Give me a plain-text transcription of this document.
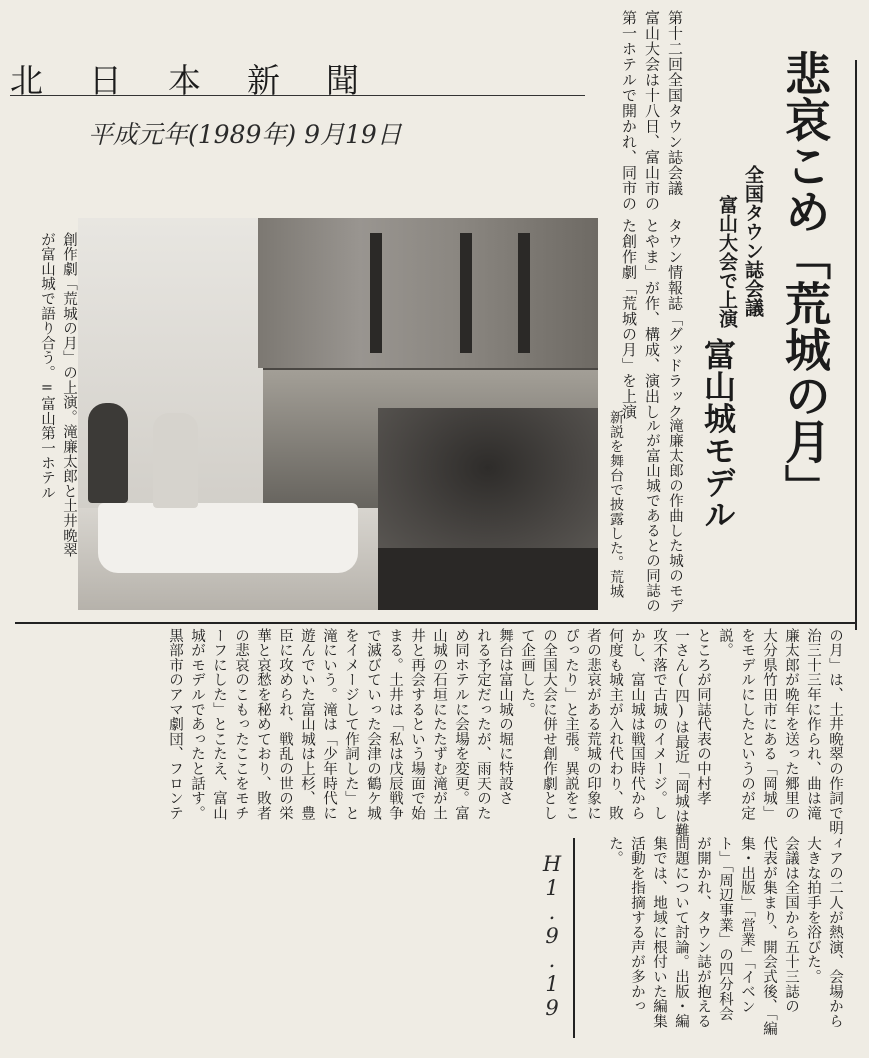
北日本新聞
平成元年(1989年) 9月19日	悲哀こめ「荒城の月」
全国タウン誌会議
富山大会で上演
富山城モデル
第十二回全国タウン誌会議
富山大会は十八日、富山市の
第一ホテルで開かれ、同市の
タウン情報誌「グッドラック
とやま」が作、構成、演出し
た創作劇「荒城の月」を上演
新説を舞台で披露した。荒城	滝廉太郎の作曲した城のモデ
ルが富山城であるとの同誌の
創作劇「荒城の月」の上演。滝廉太郎と土井晩翠
が富山城で語り合う。=富山第一ホテル
の月」は、土井晩翠の作詞で明
治三十三年に作られ、曲は滝
廉太郎が晩年を送った郷里の
大分県竹田市にある「岡城」
をモデルにしたというのが定
説。
ところが同誌代表の中村孝
一さん(四)は最近「岡城は難
攻不落で古城のイメージ。し
かし、富山城は戦国時代から
何度も城主が入れ代わり、敗
者の悲哀がある荒城の印象に
ぴったり」と主張。異説をこ
の全国大会に併せ創作劇とし
て企画した。
舞台は富山城の堀に特設さ
れる予定だったが、雨天のた
め同ホテルに会場を変更。富
山城の石垣にたたずむ滝が土
井と再会するという場面で始
まる。土井は「私は戊辰戦争
で滅びていった会津の鶴ケ城
をイメージして作詞した」と
滝にいう。滝は「少年時代に
遊んでいた富山城は上杉、豊
臣に攻められ、戦乱の世の栄
華と哀愁を秘めており、敗者
の悲哀のこもったここをモチ
ーフにした」とこたえ、富山
城がモデルであったと話す。
黒部市のアマ劇団、フロンテ
ィアの二人が熱演、会場から
大きな拍手を浴びた。
会議は全国から五十三誌の
代表が集まり、開会式後、「編
集・出版」「営業」「イベン
ト」「周辺事業」の四分科会
が開かれ、タウン誌が抱える
問題について討論。出版・編
集では、地域に根付いた編集
活動を指摘する声が多かっ
た。
H1.9.19
